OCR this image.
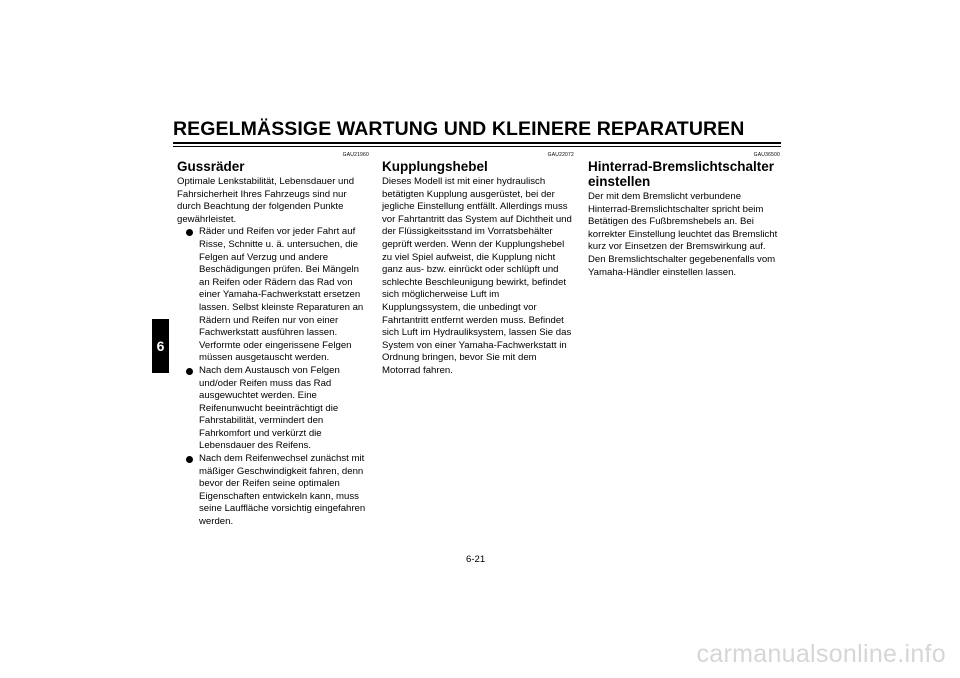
REGELMÄSSIGE WARTUNG UND KLEINERE REPARATUREN
6
GAU21960
Gussräder

Optimale Lenkstabilität, Lebensdauer und Fahrsicherheit Ihres Fahrzeugs sind nur durch Beachtung der folgenden Punkte gewährleistet.

Räder und Reifen vor jeder Fahrt auf Risse, Schnitte u. ä. untersuchen, die Felgen auf Verzug und andere Beschädigungen prüfen. Bei Mängeln an Reifen oder Rädern das Rad von einer Yamaha-Fachwerkstatt ersetzen lassen. Selbst kleinste Reparaturen an Rädern und Reifen nur von einer Fachwerkstatt ausführen lassen. Verformte oder eingerissene Felgen müssen ausgetauscht werden.
Nach dem Austausch von Felgen und/oder Reifen muss das Rad ausgewuchtet werden. Eine Reifenunwucht beeinträchtigt die Fahrstabilität, vermindert den Fahrkomfort und verkürzt die Lebensdauer des Reifens.
Nach dem Reifenwechsel zunächst mit mäßiger Geschwindigkeit fahren, denn bevor der Reifen seine optimalen Eigenschaften entwickeln kann, muss seine Lauffläche vorsichtig eingefahren werden.
GAU22072
Kupplungshebel

Dieses Modell ist mit einer hydraulisch betätigten Kupplung ausgerüstet, bei der jegliche Einstellung entfällt. Allerdings muss vor Fahrtantritt das System auf Dichtheit und der Flüssigkeitsstand im Vorratsbehälter geprüft werden. Wenn der Kupplungshebel zu viel Spiel aufweist, die Kupplung nicht ganz aus- bzw. einrückt oder schlüpft und schlechte Beschleunigung bewirkt, befindet sich möglicherweise Luft im Kupplungssystem, die unbedingt vor Fahrtantritt entfernt werden muss. Befindet sich Luft im Hydrauliksystem, lassen Sie das System von einer Yamaha-Fachwerkstatt in Ordnung bringen, bevor Sie mit dem Motorrad fahren.

GAU36500
Hinterrad-Bremslichtschalter einstellen

Der mit dem Bremslicht verbundene Hinterrad-Bremslichtschalter spricht beim Betätigen des Fußbremshebels an. Bei korrekter Einstellung leuchtet das Bremslicht kurz vor Einsetzen der Bremswirkung auf. Den Bremslichtschalter gegebenenfalls vom Yamaha-Händler einstellen lassen.

6-21
carmanualsonline.info
